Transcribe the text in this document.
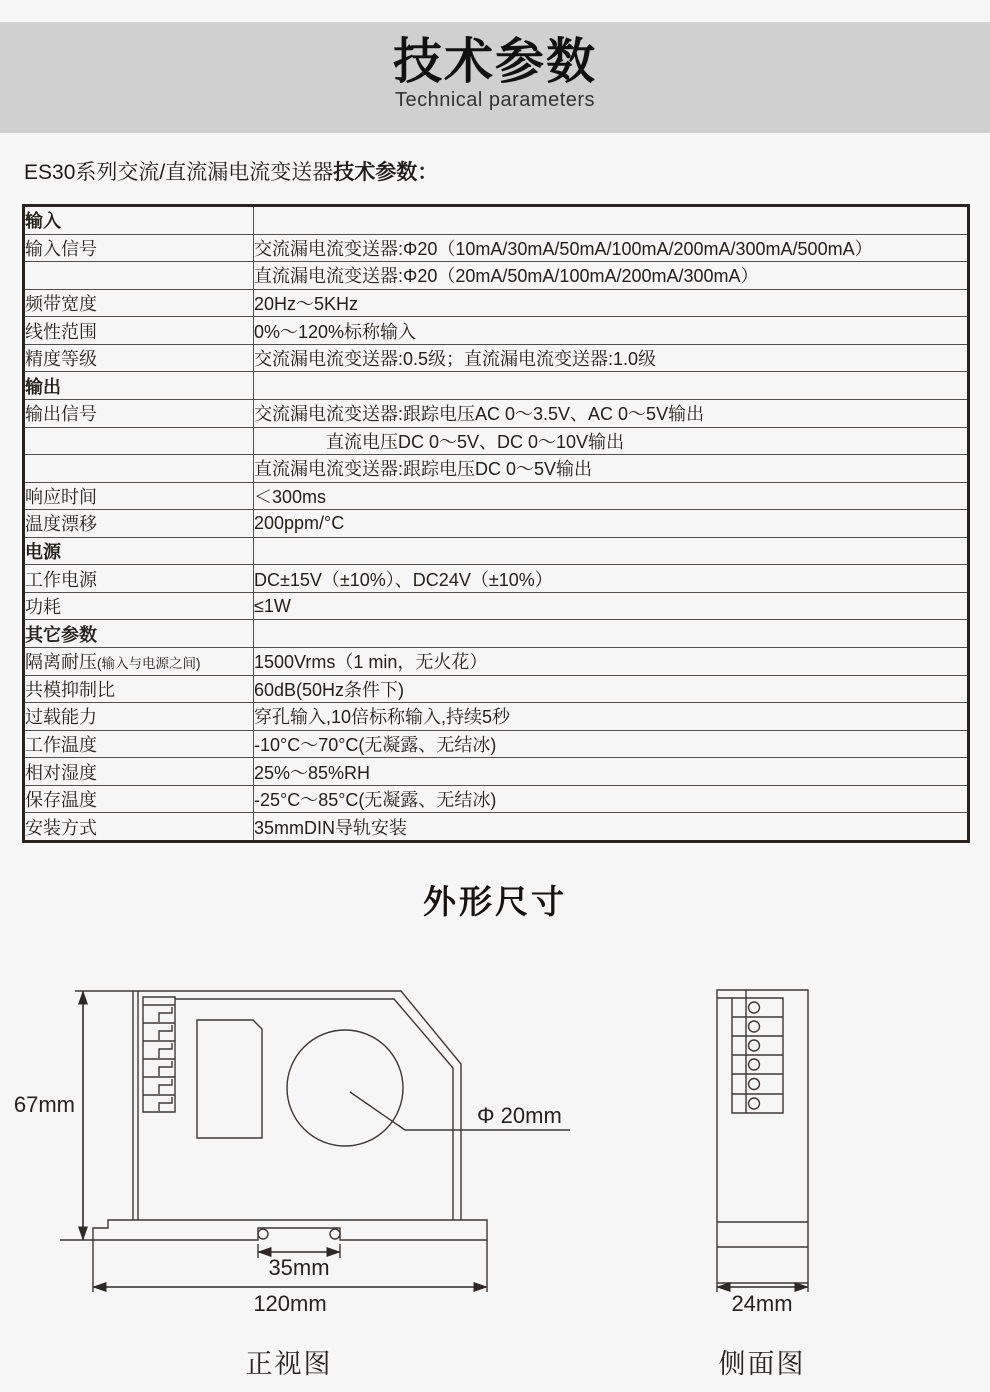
技术参数
Technical parameters
ES30系列交流/直流漏电流变送器技术参数：
输入	
输入信号	交流漏电流变送器:Φ20（10mA/30mA/50mA/100mA/200mA/300mA/500mA）
	直流漏电流变送器:Φ20（20mA/50mA/100mA/200mA/300mA）
频带宽度	20Hz～5KHz
线性范围	0%～120%标称输入
精度等级	交流漏电流变送器:0.5级；直流漏电流变送器:1.0级
输出	
输出信号	交流漏电流变送器:跟踪电压AC 0～3.5V、AC 0～5V输出
	直流电压DC 0～5V、DC 0～10V输出
	直流漏电流变送器:跟踪电压DC 0～5V输出
响应时间	＜300ms
温度漂移	200ppm/°C
电源	
工作电源	DC±15V（±10%）、DC24V（±10%）
功耗	≤1W
其它参数	
隔离耐压(输入与电源之间)	1500Vrms（1 min，无火花）
共模抑制比	60dB(50Hz条件下)
过载能力	穿孔输入,10倍标称输入,持续5秒
工作温度	-10°C～70°C(无凝露、无结冰)
相对湿度	25%～85%RH
保存温度	-25°C～85°C(无凝露、无结冰)
安装方式	35mmDIN导轨安装
外形尺寸
Φ 20mm
67mm
35mm
120mm
正视图
24mm
侧面图
